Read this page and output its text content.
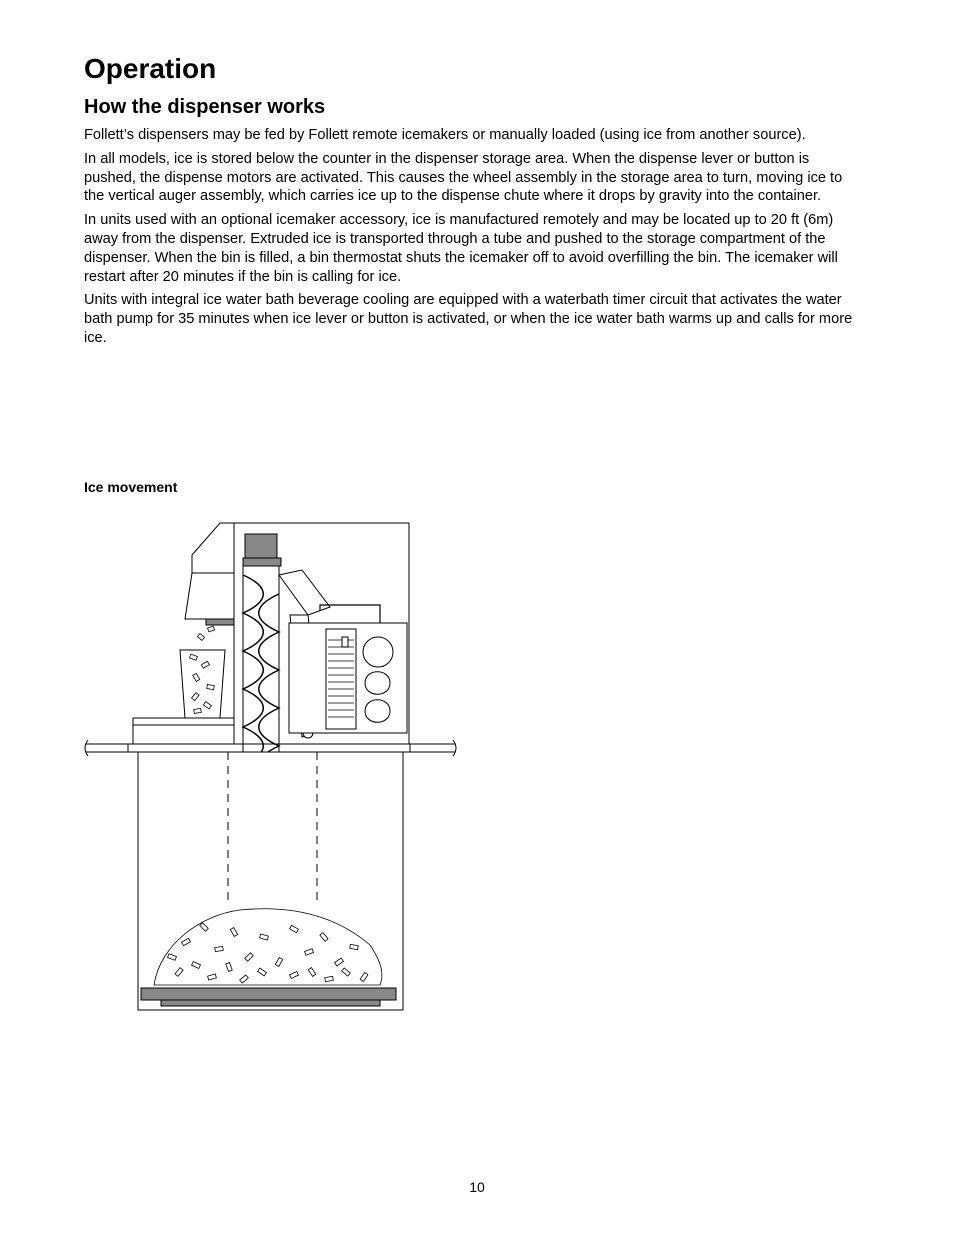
Operation
How the dispenser works

Follett’s dispensers may be fed by Follett remote icemakers or manually loaded (using ice from another source).

In all models, ice is stored below the counter in the dispenser storage area. When the dispense lever or button is pushed, the dispense motors are activated. This causes the wheel assembly in the storage area to turn, moving ice to the vertical auger assembly, which carries ice up to the dispense chute where it drops by gravity into the container.

In units used with an optional icemaker accessory, ice is manufactured remotely and may be located up to 20 ft (6m) away from the dispenser. Extruded ice is transported through a tube and pushed to the storage compartment of the dispenser. When the bin is filled, a bin thermostat shuts the icemaker off to avoid overfilling the bin. The icemaker will restart after 20 minutes if the bin is calling for ice.

Units with integral ice water bath beverage cooling are equipped with a waterbath timer circuit that activates the water bath pump for 35 minutes when ice lever or button is activated, or when the ice water bath warms up and calls for more ice.

Ice movement
10
